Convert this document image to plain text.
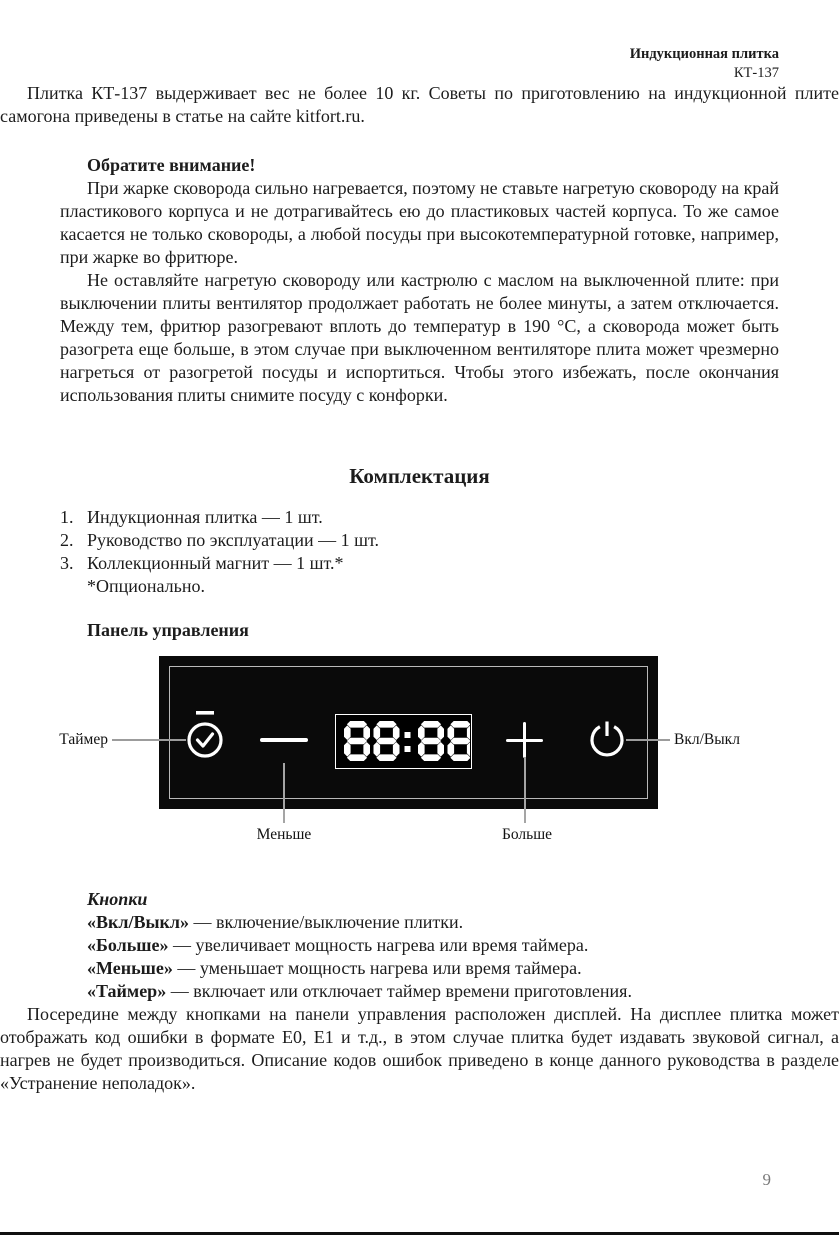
Индукционная плитка
КТ-137

Плитка КТ-137 выдерживает вес не более 10 кг. Советы по приготовлению на индукционной плите самогона приведены в статье на сайте kitfort.ru.

Обратите внимание!

При жарке сковорода сильно нагревается, поэтому не ставьте нагретую сковороду на край пластикового корпуса и не дотрагивайтесь ею до пластиковых частей корпуса. То же самое касается не только сковороды, а любой посуды при высокотемпературной готовке, например, при жарке во фритюре.

Не оставляйте нагретую сковороду или кастрюлю с маслом на выключенной плите: при выключении плиты вентилятор продолжает работать не более минуты, а затем отключается. Между тем, фритюр разогревают вплоть до температур в 190 °C, а сковорода может быть разогрета еще больше, в этом случае при выключенном вентиляторе плита может чрезмерно нагреться от разогретой посуды и испортиться. Чтобы этого избежать, после окончания использования плиты снимите посуду с конфорки.

Комплектация
1. Индукционная плитка — 1 шт.
2. Руководство по эксплуатации — 1 шт.
3. Коллекционный магнит — 1 шт.*
*Опционально.

Панель управления

Таймер	Вкл/Выкл
Меньше	Больше

Кнопки

«Вкл/Выкл» — включение/выключение плитки.

«Больше» — увеличивает мощность нагрева или время таймера.

«Меньше» — уменьшает мощность нагрева или время таймера.

«Таймер» — включает или отключает таймер времени приготовления.

Посередине между кнопками на панели управления расположен дисплей. На дисплее плитка может отображать код ошибки в формате E0, E1 и т.д., в этом случае плитка будет издавать звуковой сигнал, а нагрев не будет производиться. Описание кодов ошибок приведено в конце данного руководства в разделе «Устранение неполадок».

9
